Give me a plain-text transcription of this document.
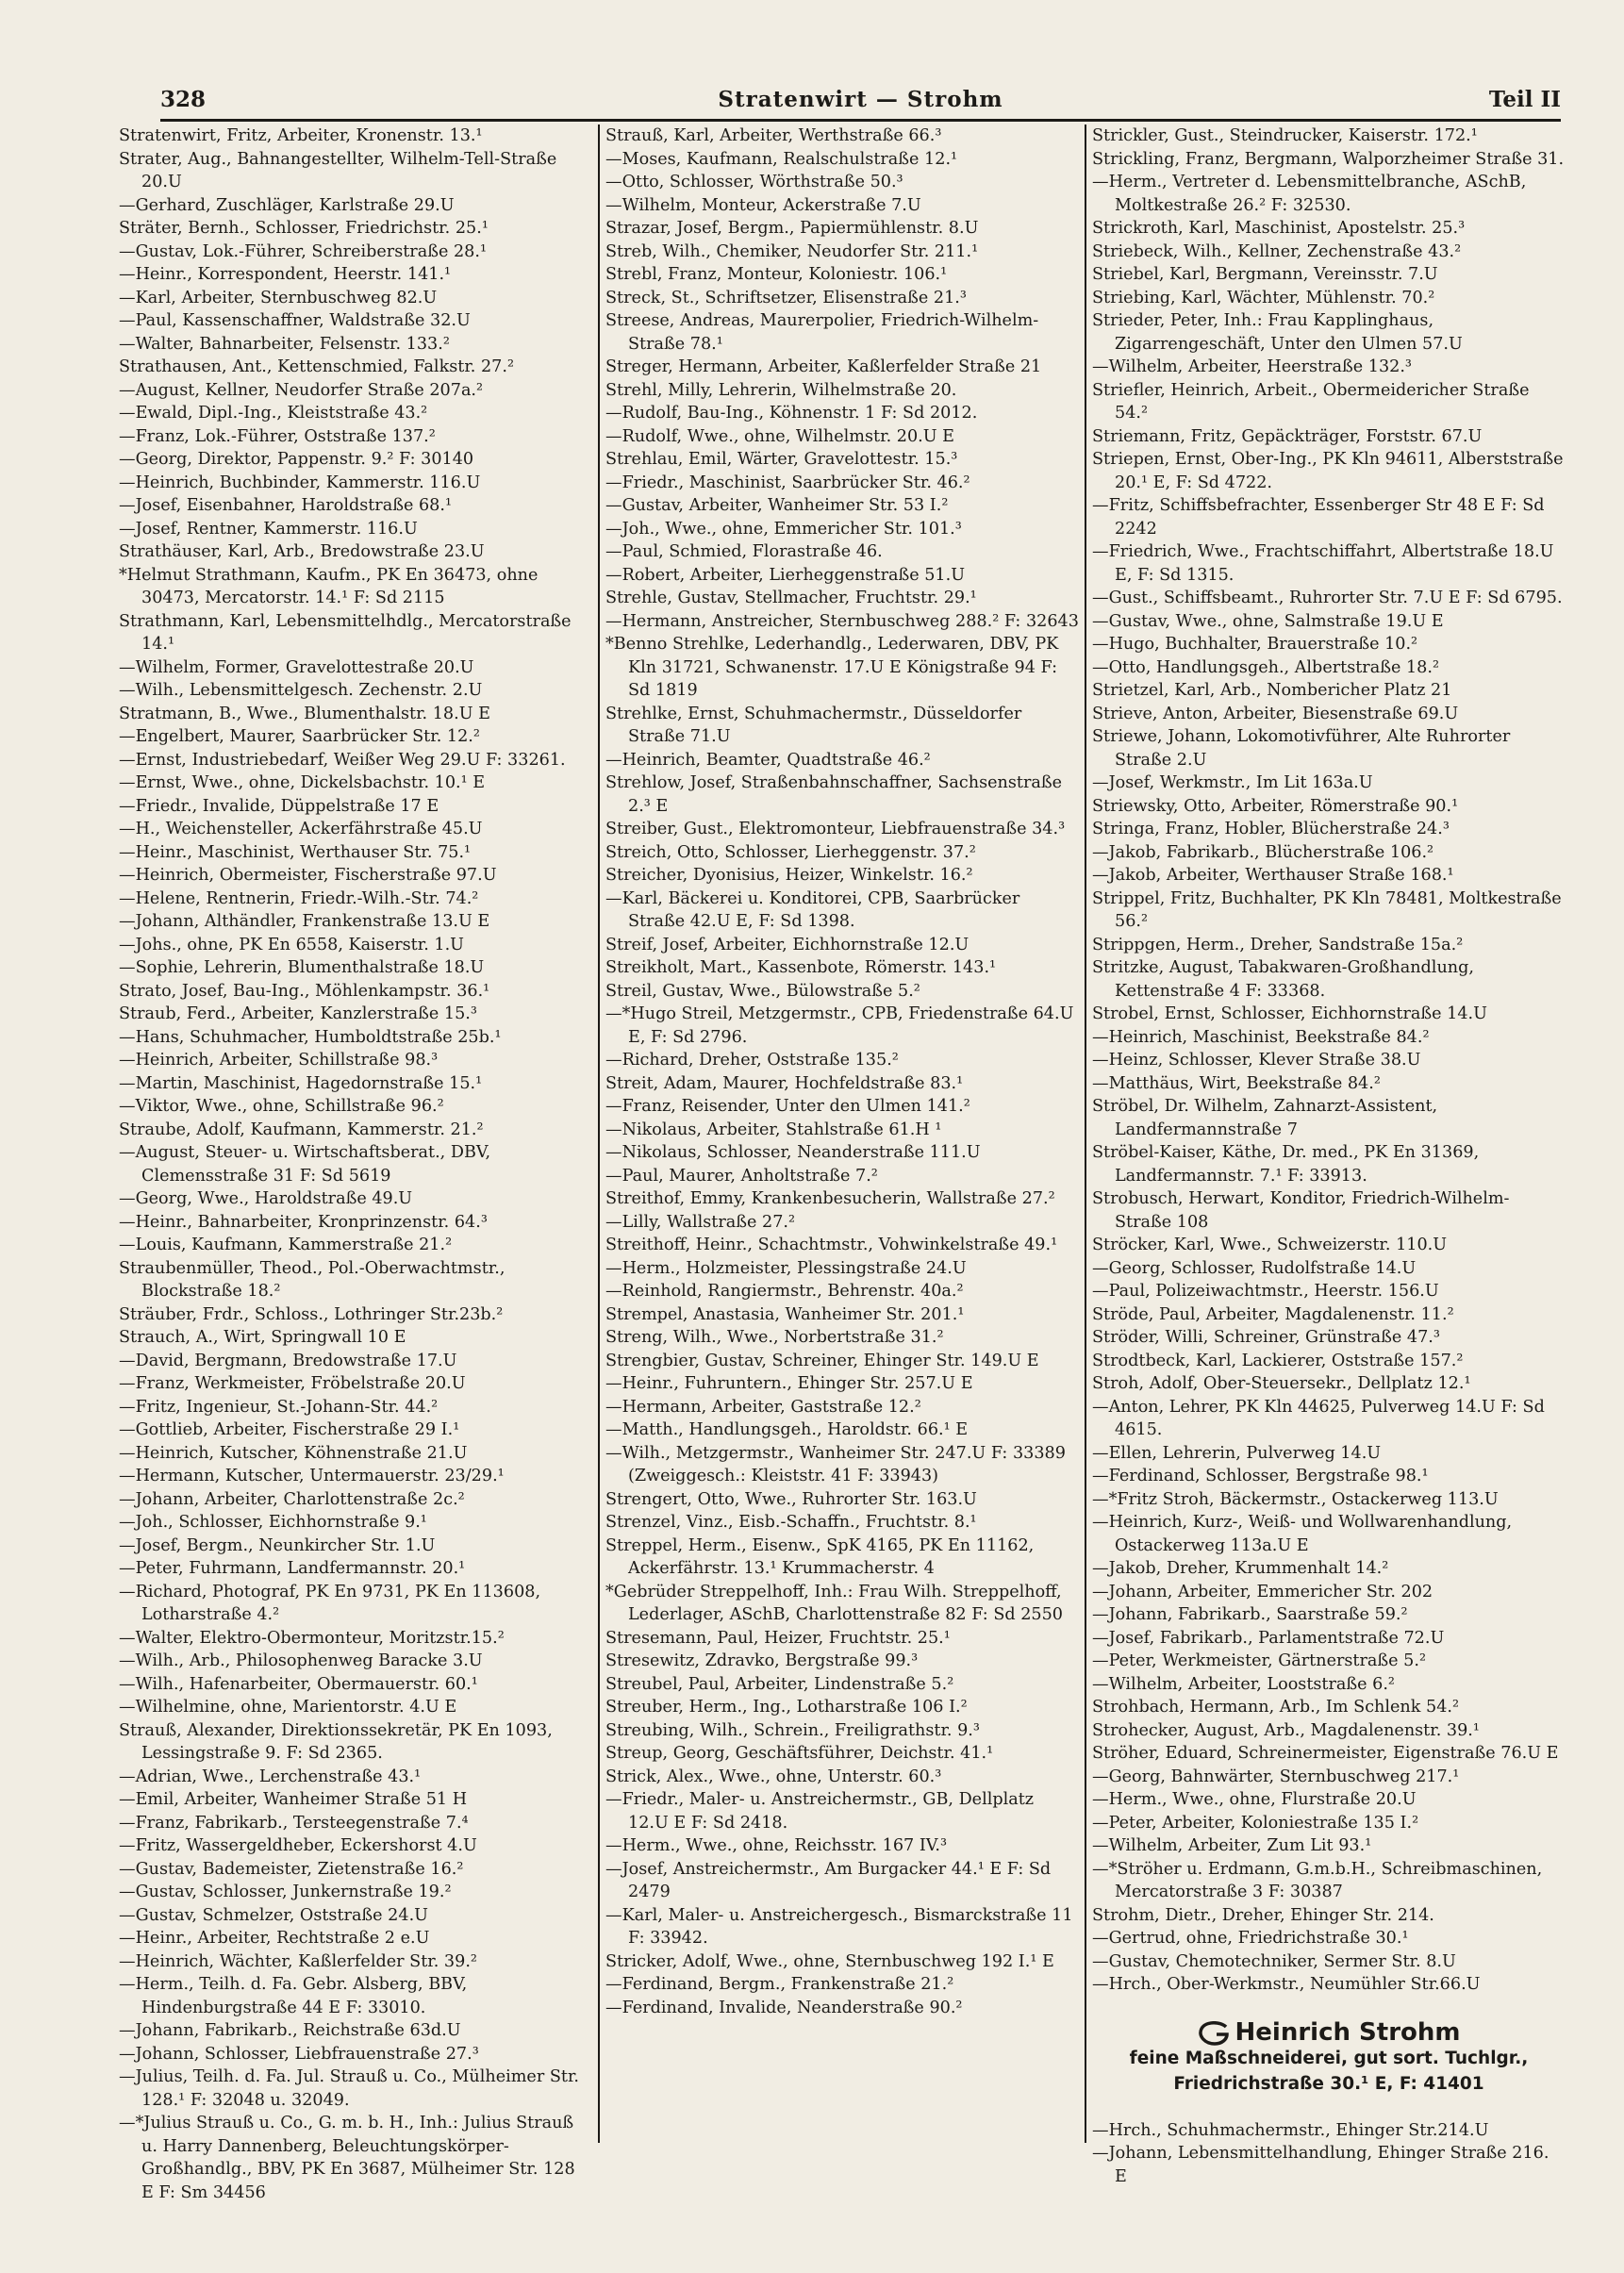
328	Stratenwirt — Strohm	Teil II
Stratenwirt, Fritz, Arbeiter, Kronenstr. 13.¹
Strater, Aug., Bahnangestellter, Wilhelm-Tell-Straße 20.U
—Gerhard, Zuschläger, Karlstraße 29.U
Sträter, Bernh., Schlosser, Friedrichstr. 25.¹
—Gustav, Lok.-Führer, Schreiberstraße 28.¹
—Heinr., Korrespondent, Heerstr. 141.¹
—Karl, Arbeiter, Sternbuschweg 82.U
—Paul, Kassenschaffner, Waldstraße 32.U
—Walter, Bahnarbeiter, Felsenstr. 133.²
Strathausen, Ant., Kettenschmied, Falkstr. 27.²
—August, Kellner, Neudorfer Straße 207a.²
—Ewald, Dipl.-Ing., Kleiststraße 43.²
—Franz, Lok.-Führer, Oststraße 137.²
—Georg, Direktor, Pappenstr. 9.² F: 30140
—Heinrich, Buchbinder, Kammerstr. 116.U
—Josef, Eisenbahner, Haroldstraße 68.¹
—Josef, Rentner, Kammerstr. 116.U
Strathäuser, Karl, Arb., Bredowstraße 23.U
*Helmut Strathmann, Kaufm., PK En 36473, ohne 30473, Mercatorstr. 14.¹ F: Sd 2115
Strathmann, Karl, Lebensmittelhdlg., Mercatorstraße 14.¹
—Wilhelm, Former, Gravelottestraße 20.U
—Wilh., Lebensmittelgesch. Zechenstr. 2.U
Stratmann, B., Wwe., Blumenthalstr. 18.U E
—Engelbert, Maurer, Saarbrücker Str. 12.²
—Ernst, Industriebedarf, Weißer Weg 29.U F: 33261.
—Ernst, Wwe., ohne, Dickelsbachstr. 10.¹ E
—Friedr., Invalide, Düppelstraße 17 E
—H., Weichensteller, Ackerfährstraße 45.U
—Heinr., Maschinist, Werthauser Str. 75.¹
—Heinrich, Obermeister, Fischerstraße 97.U
—Helene, Rentnerin, Friedr.-Wilh.-Str. 74.²
—Johann, Althändler, Frankenstraße 13.U E
—Johs., ohne, PK En 6558, Kaiserstr. 1.U
—Sophie, Lehrerin, Blumenthalstraße 18.U
Strato, Josef, Bau-Ing., Möhlenkampstr. 36.¹
Straub, Ferd., Arbeiter, Kanzlerstraße 15.³
—Hans, Schuhmacher, Humboldtstraße 25b.¹
—Heinrich, Arbeiter, Schillstraße 98.³
—Martin, Maschinist, Hagedornstraße 15.¹
—Viktor, Wwe., ohne, Schillstraße 96.²
Straube, Adolf, Kaufmann, Kammerstr. 21.²
—August, Steuer- u. Wirtschaftsberat., DBV, Clemensstraße 31 F: Sd 5619
—Georg, Wwe., Haroldstraße 49.U
—Heinr., Bahnarbeiter, Kronprinzenstr. 64.³
—Louis, Kaufmann, Kammerstraße 21.²
Straubenmüller, Theod., Pol.-Oberwachtmstr., Blockstraße 18.²
Sträuber, Frdr., Schloss., Lothringer Str.23b.²
Strauch, A., Wirt, Springwall 10 E
—David, Bergmann, Bredowstraße 17.U
—Franz, Werkmeister, Fröbelstraße 20.U
—Fritz, Ingenieur, St.-Johann-Str. 44.²
—Gottlieb, Arbeiter, Fischerstraße 29 I.¹
—Heinrich, Kutscher, Köhnenstraße 21.U
—Hermann, Kutscher, Untermauerstr. 23/29.¹
—Johann, Arbeiter, Charlottenstraße 2c.²
—Joh., Schlosser, Eichhornstraße 9.¹
—Josef, Bergm., Neunkircher Str. 1.U
—Peter, Fuhrmann, Landfermannstr. 20.¹
—Richard, Photograf, PK En 9731, PK En 113608, Lotharstraße 4.²
—Walter, Elektro-Obermonteur, Moritzstr.15.²
—Wilh., Arb., Philosophenweg Baracke 3.U
—Wilh., Hafenarbeiter, Obermauerstr. 60.¹
—Wilhelmine, ohne, Marientorstr. 4.U E
Strauß, Alexander, Direktionssekretär, PK En 1093, Lessingstraße 9. F: Sd 2365.
—Adrian, Wwe., Lerchenstraße 43.¹
—Emil, Arbeiter, Wanheimer Straße 51 H
—Franz, Fabrikarb., Tersteegenstraße 7.⁴
—Fritz, Wassergeldheber, Eckershorst 4.U
—Gustav, Bademeister, Zietenstraße 16.²
—Gustav, Schlosser, Junkernstraße 19.²
—Gustav, Schmelzer, Oststraße 24.U
—Heinr., Arbeiter, Rechtstraße 2 e.U
—Heinrich, Wächter, Kaßlerfelder Str. 39.²
—Herm., Teilh. d. Fa. Gebr. Alsberg, BBV, Hindenburgstraße 44 E F: 33010.
—Johann, Fabrikarb., Reichstraße 63d.U
—Johann, Schlosser, Liebfrauenstraße 27.³
—Julius, Teilh. d. Fa. Jul. Strauß u. Co., Mülheimer Str. 128.¹ F: 32048 u. 32049.
—*Julius Strauß u. Co., G. m. b. H., Inh.: Julius Strauß u. Harry Dannenberg, Beleuchtungskörper-Großhandlg., BBV, PK En 3687, Mülheimer Str. 128 E F: Sm 34456
Strauß, Karl, Arbeiter, Werthstraße 66.³
—Moses, Kaufmann, Realschulstraße 12.¹
—Otto, Schlosser, Wörthstraße 50.³
—Wilhelm, Monteur, Ackerstraße 7.U
Strazar, Josef, Bergm., Papiermühlenstr. 8.U
Streb, Wilh., Chemiker, Neudorfer Str. 211.¹
Strebl, Franz, Monteur, Koloniestr. 106.¹
Streck, St., Schriftsetzer, Elisenstraße 21.³
Streese, Andreas, Maurerpolier, Friedrich-Wilhelm-Straße 78.¹
Streger, Hermann, Arbeiter, Kaßlerfelder Straße 21
Strehl, Milly, Lehrerin, Wilhelmstraße 20.
—Rudolf, Bau-Ing., Köhnenstr. 1 F: Sd 2012.
—Rudolf, Wwe., ohne, Wilhelmstr. 20.U E
Strehlau, Emil, Wärter, Gravelottestr. 15.³
—Friedr., Maschinist, Saarbrücker Str. 46.²
—Gustav, Arbeiter, Wanheimer Str. 53 I.²
—Joh., Wwe., ohne, Emmericher Str. 101.³
—Paul, Schmied, Florastraße 46.
—Robert, Arbeiter, Lierheggenstraße 51.U
Strehle, Gustav, Stellmacher, Fruchtstr. 29.¹
—Hermann, Anstreicher, Sternbuschweg 288.² F: 32643
*Benno Strehlke, Lederhandlg., Lederwaren, DBV, PK Kln 31721, Schwanenstr. 17.U E Königstraße 94 F: Sd 1819
Strehlke, Ernst, Schuhmachermstr., Düsseldorfer Straße 71.U
—Heinrich, Beamter, Quadtstraße 46.²
Strehlow, Josef, Straßenbahnschaffner, Sachsenstraße 2.³ E
Streiber, Gust., Elektromonteur, Liebfrauenstraße 34.³
Streich, Otto, Schlosser, Lierheggenstr. 37.²
Streicher, Dyonisius, Heizer, Winkelstr. 16.²
—Karl, Bäckerei u. Konditorei, CPB, Saarbrücker Straße 42.U E, F: Sd 1398.
Streif, Josef, Arbeiter, Eichhornstraße 12.U
Streikholt, Mart., Kassenbote, Römerstr. 143.¹
Streil, Gustav, Wwe., Bülowstraße 5.²
—*Hugo Streil, Metzgermstr., CPB, Friedenstraße 64.U E, F: Sd 2796.
—Richard, Dreher, Oststraße 135.²
Streit, Adam, Maurer, Hochfeldstraße 83.¹
—Franz, Reisender, Unter den Ulmen 141.²
—Nikolaus, Arbeiter, Stahlstraße 61.H ¹
—Nikolaus, Schlosser, Neanderstraße 111.U
—Paul, Maurer, Anholtstraße 7.²
Streithof, Emmy, Krankenbesucherin, Wallstraße 27.²
—Lilly, Wallstraße 27.²
Streithoff, Heinr., Schachtmstr., Vohwinkelstraße 49.¹
—Herm., Holzmeister, Plessingstraße 24.U
—Reinhold, Rangiermstr., Behrenstr. 40a.²
Strempel, Anastasia, Wanheimer Str. 201.¹
Streng, Wilh., Wwe., Norbertstraße 31.²
Strengbier, Gustav, Schreiner, Ehinger Str. 149.U E
—Heinr., Fuhruntern., Ehinger Str. 257.U E
—Hermann, Arbeiter, Gaststraße 12.²
—Matth., Handlungsgeh., Haroldstr. 66.¹ E
—Wilh., Metzgermstr., Wanheimer Str. 247.U F: 33389 (Zweiggesch.: Kleiststr. 41 F: 33943)
Strengert, Otto, Wwe., Ruhrorter Str. 163.U
Strenzel, Vinz., Eisb.-Schaffn., Fruchtstr. 8.¹
Streppel, Herm., Eisenw., SpK 4165, PK En 11162, Ackerfährstr. 13.¹ Krummacherstr. 4
*Gebrüder Streppelhoff, Inh.: Frau Wilh. Streppelhoff, Lederlager, ASchB, Charlottenstraße 82 F: Sd 2550
Stresemann, Paul, Heizer, Fruchtstr. 25.¹
Stresewitz, Zdravko, Bergstraße 99.³
Streubel, Paul, Arbeiter, Lindenstraße 5.²
Streuber, Herm., Ing., Lotharstraße 106 I.²
Streubing, Wilh., Schrein., Freiligrathstr. 9.³
Streup, Georg, Geschäftsführer, Deichstr. 41.¹
Strick, Alex., Wwe., ohne, Unterstr. 60.³
—Friedr., Maler- u. Anstreichermstr., GB, Dellplatz 12.U E F: Sd 2418.
—Herm., Wwe., ohne, Reichsstr. 167 IV.³
—Josef, Anstreichermstr., Am Burgacker 44.¹ E F: Sd 2479
—Karl, Maler- u. Anstreichergesch., Bismarckstraße 11 F: 33942.
Stricker, Adolf, Wwe., ohne, Sternbuschweg 192 I.¹ E
—Ferdinand, Bergm., Frankenstraße 21.²
—Ferdinand, Invalide, Neanderstraße 90.²
Strickler, Gust., Steindrucker, Kaiserstr. 172.¹
Strickling, Franz, Bergmann, Walporzheimer Straße 31.
—Herm., Vertreter d. Lebensmittelbranche, ASchB, Moltkestraße 26.² F: 32530.
Strickroth, Karl, Maschinist, Apostelstr. 25.³
Striebeck, Wilh., Kellner, Zechenstraße 43.²
Striebel, Karl, Bergmann, Vereinsstr. 7.U
Striebing, Karl, Wächter, Mühlenstr. 70.²
Strieder, Peter, Inh.: Frau Kapplinghaus, Zigarrengeschäft, Unter den Ulmen 57.U
—Wilhelm, Arbeiter, Heerstraße 132.³
Striefler, Heinrich, Arbeit., Obermeidericher Straße 54.²
Striemann, Fritz, Gepäckträger, Forststr. 67.U
Striepen, Ernst, Ober-Ing., PK Kln 94611, Alberststraße 20.¹ E, F: Sd 4722.
—Fritz, Schiffsbefrachter, Essenberger Str 48 E F: Sd 2242
—Friedrich, Wwe., Frachtschiffahrt, Albertstraße 18.U E, F: Sd 1315.
—Gust., Schiffsbeamt., Ruhrorter Str. 7.U E F: Sd 6795.
—Gustav, Wwe., ohne, Salmstraße 19.U E
—Hugo, Buchhalter, Brauerstraße 10.²
—Otto, Handlungsgeh., Albertstraße 18.²
Strietzel, Karl, Arb., Nombericher Platz 21
Strieve, Anton, Arbeiter, Biesenstraße 69.U
Striewe, Johann, Lokomotivführer, Alte Ruhrorter Straße 2.U
—Josef, Werkmstr., Im Lit 163a.U
Striewsky, Otto, Arbeiter, Römerstraße 90.¹
Stringa, Franz, Hobler, Blücherstraße 24.³
—Jakob, Fabrikarb., Blücherstraße 106.²
—Jakob, Arbeiter, Werthauser Straße 168.¹
Strippel, Fritz, Buchhalter, PK Kln 78481, Moltkestraße 56.²
Strippgen, Herm., Dreher, Sandstraße 15a.²
Stritzke, August, Tabakwaren-Großhandlung, Kettenstraße 4 F: 33368.
Strobel, Ernst, Schlosser, Eichhornstraße 14.U
—Heinrich, Maschinist, Beekstraße 84.²
—Heinz, Schlosser, Klever Straße 38.U
—Matthäus, Wirt, Beekstraße 84.²
Ströbel, Dr. Wilhelm, Zahnarzt-Assistent, Landfermannstraße 7
Ströbel-Kaiser, Käthe, Dr. med., PK En 31369, Landfermannstr. 7.¹ F: 33913.
Strobusch, Herwart, Konditor, Friedrich-Wilhelm-Straße 108
Ströcker, Karl, Wwe., Schweizerstr. 110.U
—Georg, Schlosser, Rudolfstraße 14.U
—Paul, Polizeiwachtmstr., Heerstr. 156.U
Ströde, Paul, Arbeiter, Magdalenenstr. 11.²
Ströder, Willi, Schreiner, Grünstraße 47.³
Strodtbeck, Karl, Lackierer, Oststraße 157.²
Stroh, Adolf, Ober-Steuersekr., Dellplatz 12.¹
—Anton, Lehrer, PK Kln 44625, Pulverweg 14.U F: Sd 4615.
—Ellen, Lehrerin, Pulverweg 14.U
—Ferdinand, Schlosser, Bergstraße 98.¹
—*Fritz Stroh, Bäckermstr., Ostackerweg 113.U
—Heinrich, Kurz-, Weiß- und Wollwarenhandlung, Ostackerweg 113a.U E
—Jakob, Dreher, Krummenhalt 14.²
—Johann, Arbeiter, Emmericher Str. 202
—Johann, Fabrikarb., Saarstraße 59.²
—Josef, Fabrikarb., Parlamentstraße 72.U
—Peter, Werkmeister, Gärtnerstraße 5.²
—Wilhelm, Arbeiter, Looststraße 6.²
Strohbach, Hermann, Arb., Im Schlenk 54.²
Strohecker, August, Arb., Magdalenenstr. 39.¹
Ströher, Eduard, Schreinermeister, Eigenstraße 76.U E
—Georg, Bahnwärter, Sternbuschweg 217.¹
—Herm., Wwe., ohne, Flurstraße 20.U
—Peter, Arbeiter, Koloniestraße 135 I.²
—Wilhelm, Arbeiter, Zum Lit 93.¹
—*Ströher u. Erdmann, G.m.b.H., Schreibmaschinen, Mercatorstraße 3 F: 30387
Strohm, Dietr., Dreher, Ehinger Str. 214.
—Gertrud, ohne, Friedrichstraße 30.¹
—Gustav, Chemotechniker, Sermer Str. 8.U
—Hrch., Ober-Werkmstr., Neumühler Str.66.U
Heinrich Strohm
feine Maßschneiderei, gut sort. Tuchlgr.,
Friedrichstraße 30.¹ E, F: 41401
—Hrch., Schuhmachermstr., Ehinger Str.214.U
—Johann, Lebensmittelhandlung, Ehinger Straße 216. E
